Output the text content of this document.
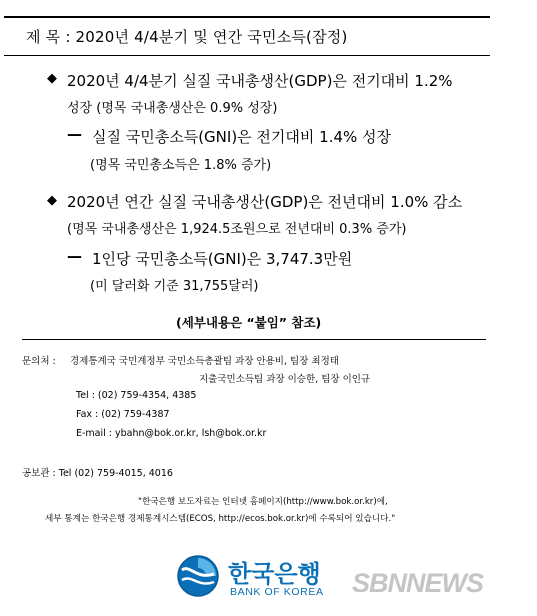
제 목 : 2020년 4/4분기 및 연간 국민소득(잠정)
◆ 2020년 4/4분기 실질 국내총생산(GDP)은 전기대비 1.2%
성장 (명목 국내총생산은 0.9% 성장)
— 실질 국민총소득(GNI)은 전기대비 1.4% 성장
(명목 국민총소득은 1.8% 증가)
◆ 2020년 연간 실질 국내총생산(GDP)은 전년대비 1.0% 감소
(명목 국내총생산은 1,924.5조원으로 전년대비 0.3% 증가)
— 1인당 국민총소득(GNI)은 3,747.3만원
(미 달러화 기준 31,755달러)
(세부내용은 “붙임” 참조)
문의처 : 경제통계국 국민계정부 국민소득총괄팀 과장 안용비, 팀장 최정태
지출국민소득팀 과장 이승한, 팀장 이인규
Tel : (02) 759-4354, 4385
Fax : (02) 759-4387
E-mail : ybahn@bok.or.kr, lsh@bok.or.kr
공보관 : Tel (02) 759-4015, 4016
"한국은행 보도자료는 인터넷 홈페이지(http://www.bok.or.kr)에,
세부 통계는 한국은행 경제통계시스템(ECOS, http://ecos.bok.or.kr)에 수록되어 있습니다."
한국은행
BANK OF KOREA SBNNEWS
